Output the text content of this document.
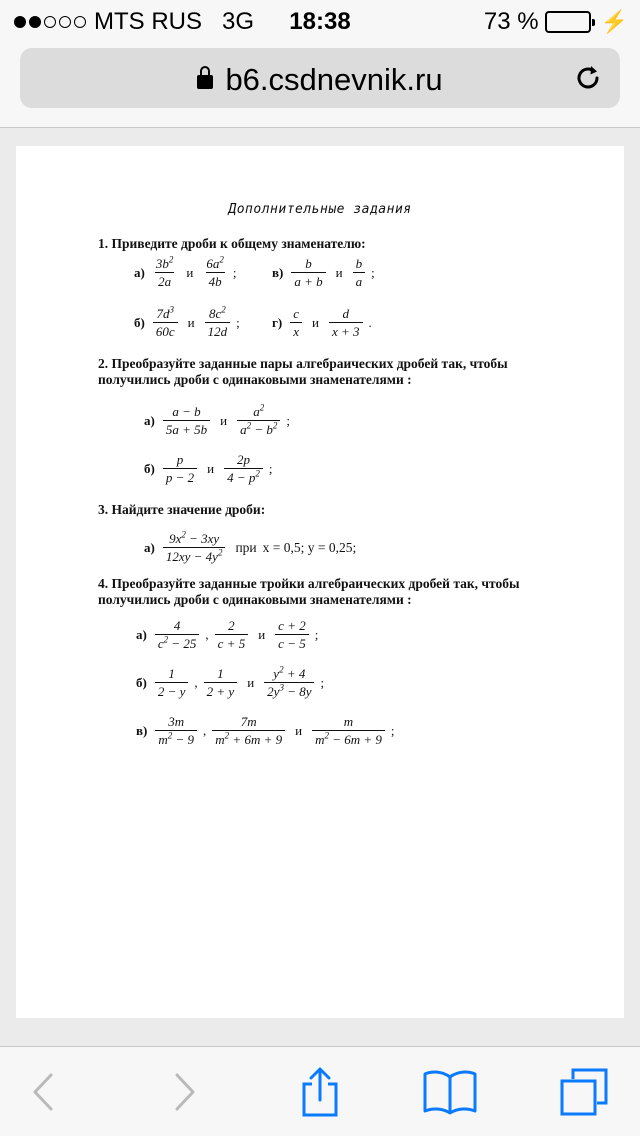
MTS RUS 3G	18:38	73 %	⚡
b6.csdnevnik.ru
Дополнительные задания
1. Приведите дроби к общему знаменателю:
$а) \frac{3b^2}{2a}$ и $\frac{6a^2}{4b}$ ;	$в) \frac{b}{a + b}$ и $\frac{b}{a}$ ;
$б) \frac{7d^3}{60c}$ и $\frac{8c^2}{12d}$ ; $г) \frac{c}{x}$ и $\frac{d}{x + 3}$ .
2. Преобразуйте заданные пары алгебраических дробей так, чтобы получились дроби с одинаковыми знаменателями :
$а) \frac{a - b}{5a + 5b}$ и $\frac{a^2}{a^2 - b^2}$ ;
$б) \frac{p}{p - 2}$ и $\frac{2p}{4 - p^2}$ ;
3. Найдите значение дроби:
$а) \frac{9x^2 - 3xy}{12xy - 4y^2}$ при x = 0,5; y = 0,25;
4. Преобразуйте заданные тройки алгебраических дробей так, чтобы получились дроби с одинаковыми знаменателями :
$а) \frac{4}{c^2 - 25}$ , $\frac{2}{c + 5}$ и $\frac{c + 2}{c - 5}$ ;
$б) \frac{1}{2 - y}$ , $\frac{1}{2 + y}$ и $\frac{y^2 + 4}{2y^3 - 8y}$ ;
$в) \frac{3m}{m^2 - 9}$ , $\frac{7m}{m^2 + 6m + 9}$ и $\frac{m}{m^2 - 6m + 9}$ ;
